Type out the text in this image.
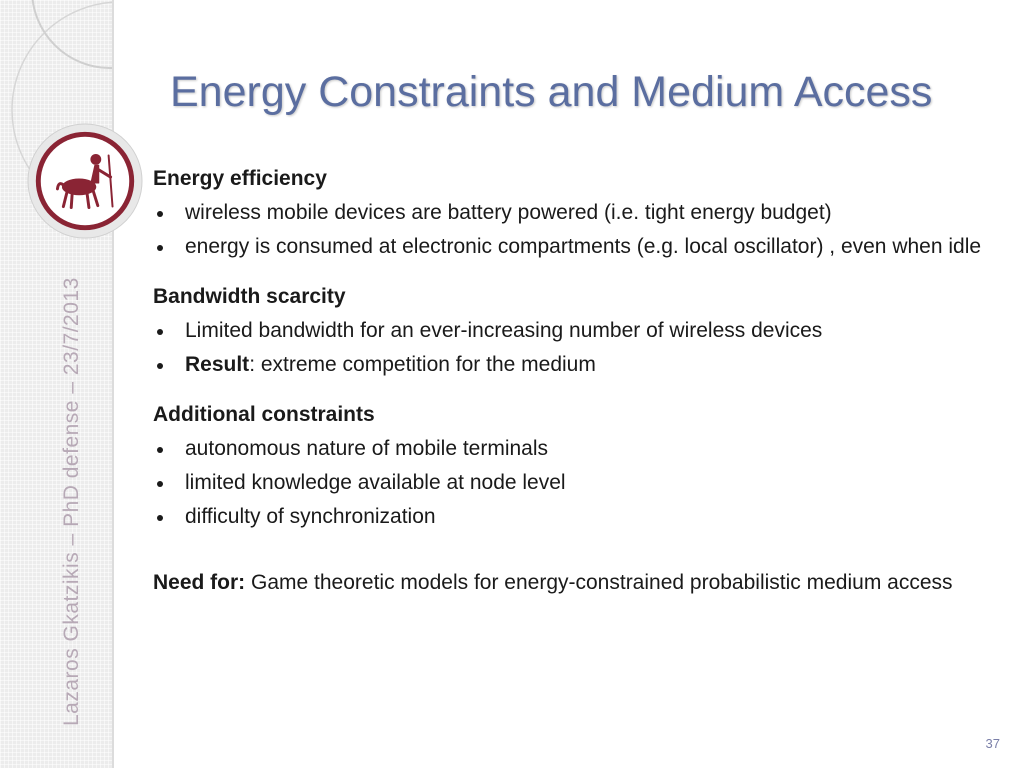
Lazaros Gkatzikis – PhD defense – 23/7/2013
Energy Constraints and Medium Access
Energy efficiency
wireless mobile devices are battery powered (i.e. tight energy budget)
energy is consumed at electronic compartments (e.g. local oscillator) , even when idle
Bandwidth scarcity
Limited bandwidth for an ever-increasing number of wireless devices
Result: extreme competition for the medium
Additional constraints
autonomous nature of mobile terminals
limited knowledge available at node level
difficulty of synchronization
Need for: Game theoretic models for energy-constrained probabilistic medium access
37
